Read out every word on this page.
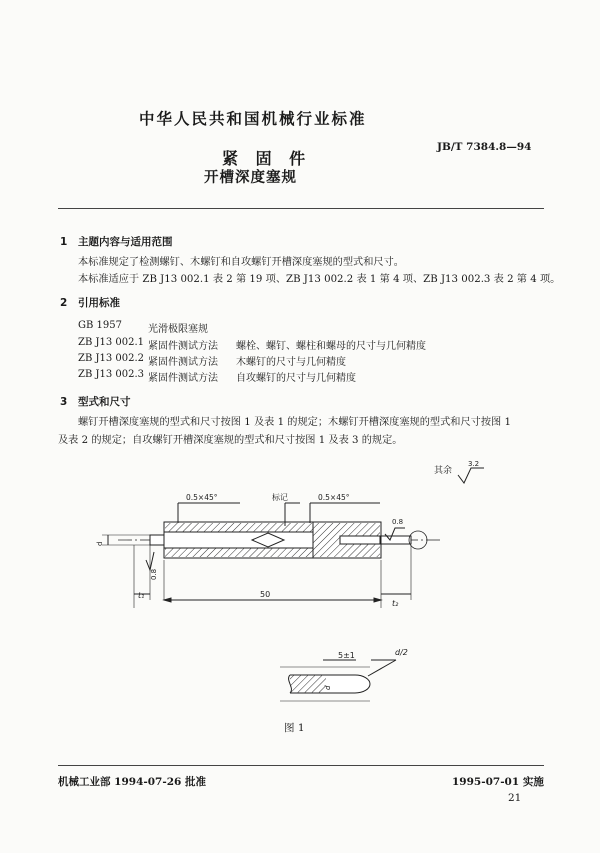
中华人民共和国机械行业标准
JB/T 7384.8—94
紧 固 件
开槽深度塞规
1 主题内容与适用范围
本标准规定了检测螺钉、木螺钉和自攻螺钉开槽深度塞规的型式和尺寸。
本标准适应于 ZB J13 002.1 表 2 第 19 项、ZB J13 002.2 表 1 第 4 项、ZB J13 002.3 表 2 第 4 项。
2 引用标准
GB 1957	光滑极限塞规
ZB J13 002.1 紧固件测试方法 螺栓、螺钉、螺柱和螺母的尺寸与几何精度
ZB J13 002.2 紧固件测试方法 木螺钉的尺寸与几何精度
ZB J13 002.3 紧固件测试方法 自攻螺钉的尺寸与几何精度
3 型式和尺寸
螺钉开槽深度塞规的型式和尺寸按图 1 及表 1 的规定；木螺钉开槽深度塞规的型式和尺寸按图 1
及表 2 的规定；自攻螺钉开槽深度塞规的型式和尺寸按图 1 及表 3 的规定。
其余
3.2
0.5×45°	标记	0.5×45°
0.8
0.8
d
50
t₁
t₂
5±1	d/2
d
图 1
机械工业部 1994-07-26 批准	1995-07-01 实施
21
